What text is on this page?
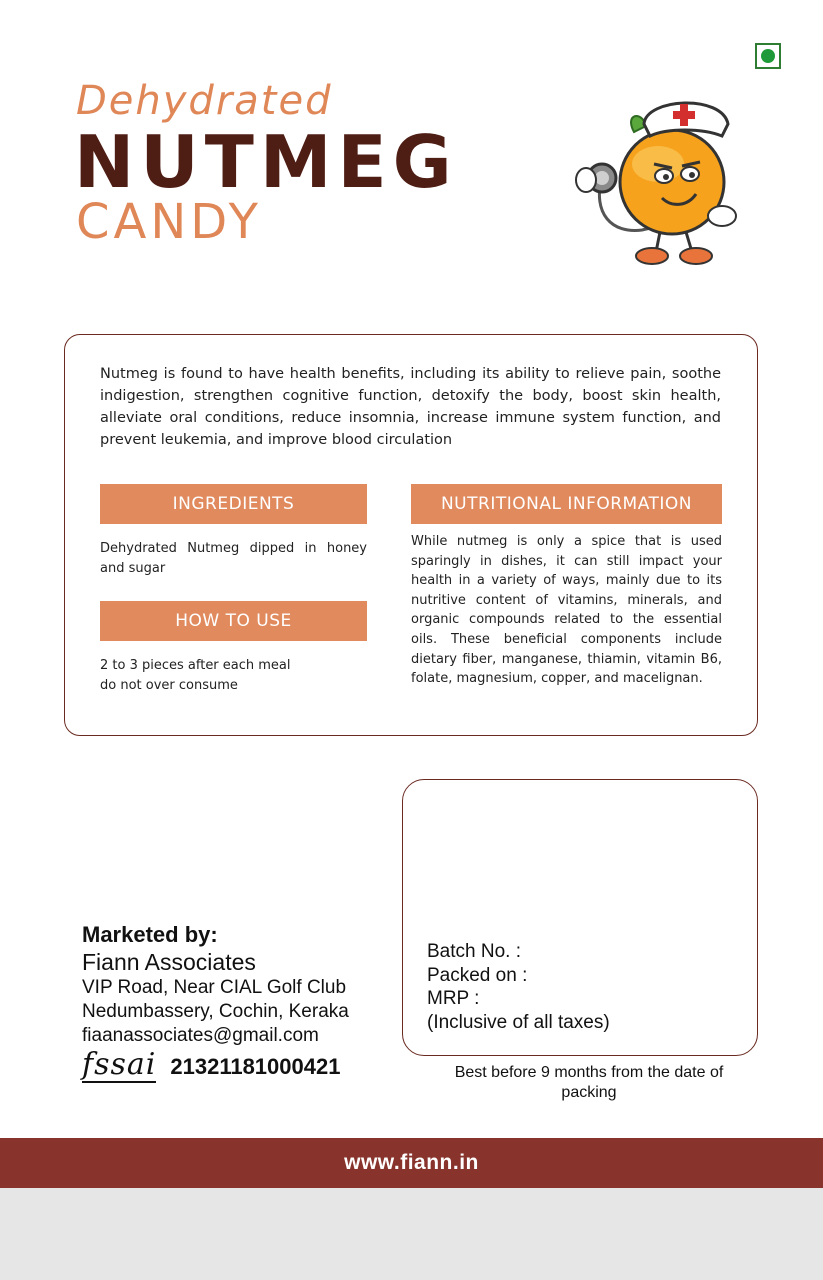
Dehydrated
NUTMEG
CANDY

Nutmeg is found to have health benefits, including its ability to relieve pain, soothe indigestion, strengthen cognitive function, detoxify the body, boost skin health, alleviate oral conditions, reduce insomnia, increase immune system function, and prevent leukemia, and improve blood circulation

INGREDIENTS

Dehydrated Nutmeg dipped in honey and sugar

HOW TO USE
2 to 3 pieces after each meal
do not over consume
NUTRITIONAL INFORMATION

While nutmeg is only a spice that is used sparingly in dishes, it can still impact your health in a variety of ways, mainly due to its nutritive content of vitamins, minerals, and organic compounds related to the essential oils. These beneficial components include dietary fiber, manganese, thiamin, vitamin B6, folate, magnesium, copper, and macelignan.

Marketed by:
Fiann Associates
VIP Road, Near CIAL Golf Club
Nedumbassery, Cochin, Keraka
fiaanassociates@gmail.com
fssai 21321181000421
Batch No. :
Packed on :
MRP :
(Inclusive of all taxes)
Best before 9 months from the date of packing
www.fiann.in
